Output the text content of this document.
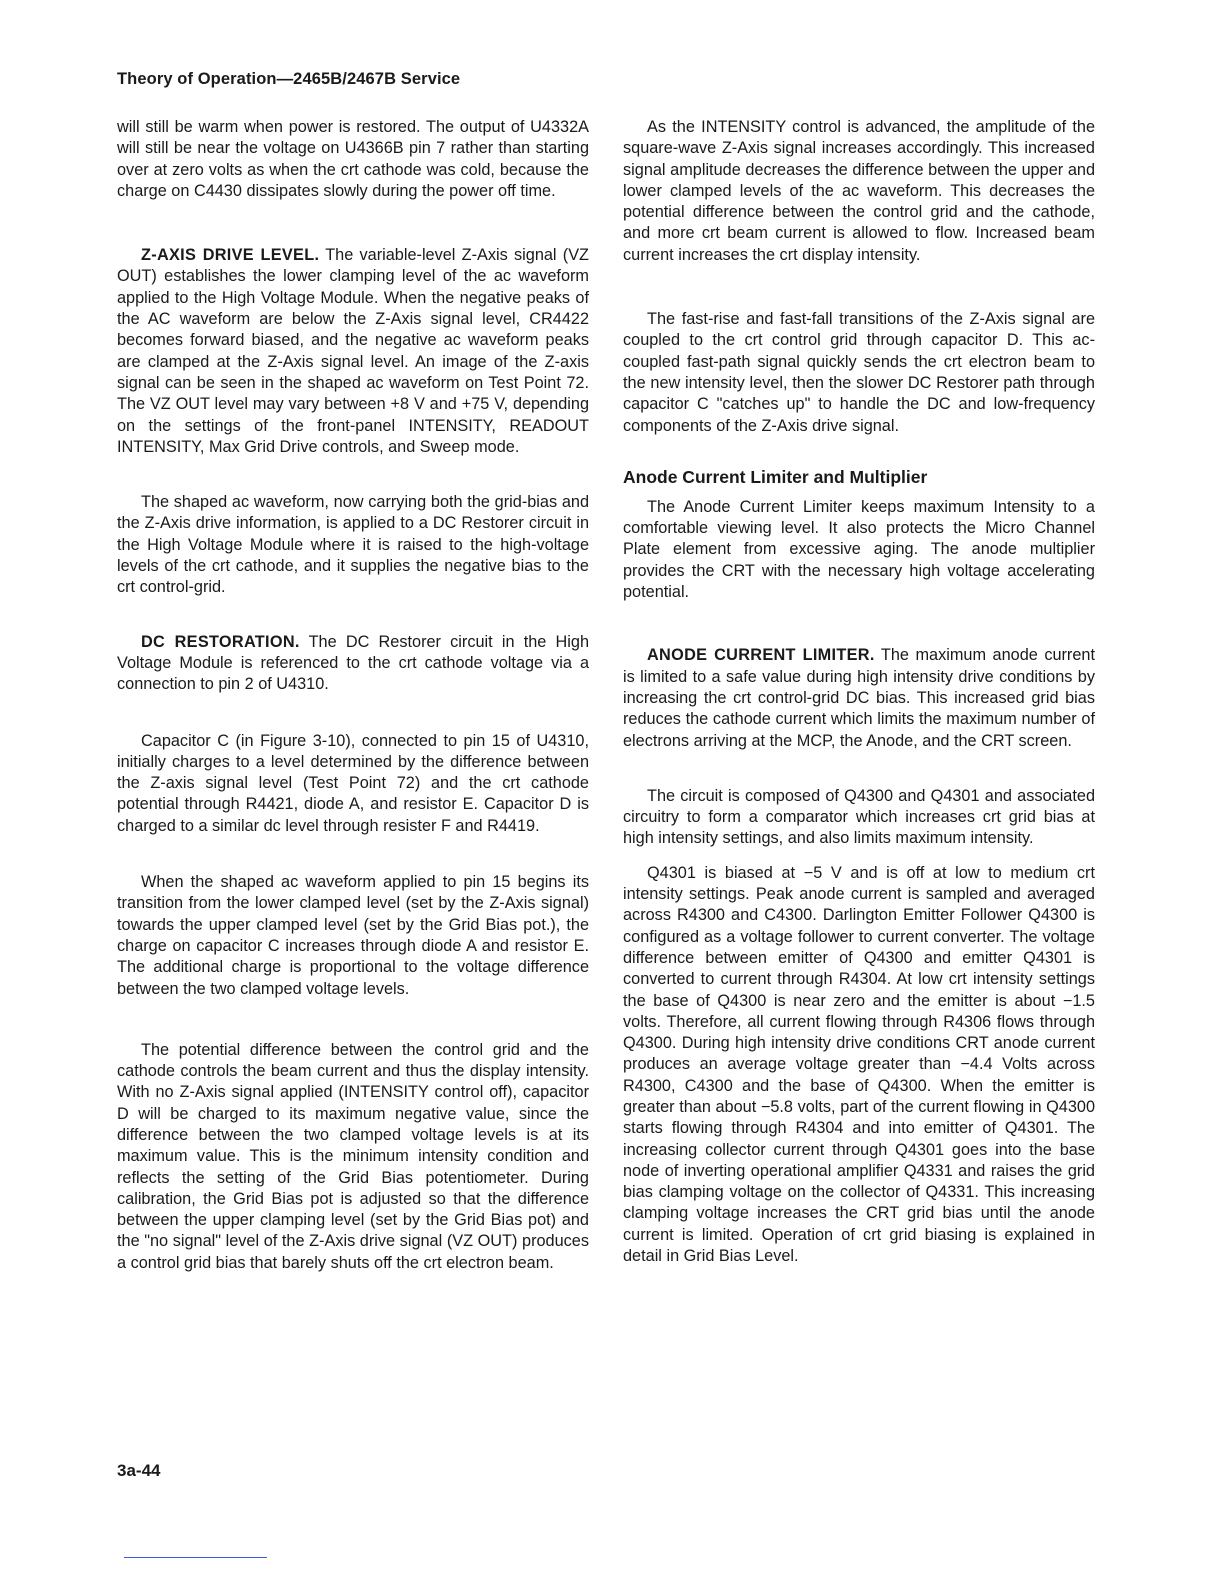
Theory of Operation—2465B/2467B Service

will still be warm when power is restored. The output of U4332A will still be near the voltage on U4366B pin 7 rather than starting over at zero volts as when the crt cathode was cold, because the charge on C4430 dissipates slowly during the power off time.

Z-AXIS DRIVE LEVEL. The variable-level Z-Axis signal (VZ OUT) establishes the lower clamping level of the ac waveform applied to the High Voltage Module. When the negative peaks of the AC waveform are below the Z-Axis signal level, CR4422 becomes forward biased, and the negative ac waveform peaks are clamped at the Z-Axis signal level. An image of the Z-axis signal can be seen in the shaped ac waveform on Test Point 72. The VZ OUT level may vary between +8 V and +75 V, depending on the settings of the front-panel INTENSITY, READOUT INTENSITY, Max Grid Drive controls, and Sweep mode.

The shaped ac waveform, now carrying both the grid-bias and the Z-Axis drive information, is applied to a DC Restorer circuit in the High Voltage Module where it is raised to the high-voltage levels of the crt cathode, and it supplies the negative bias to the crt control-grid.

DC RESTORATION. The DC Restorer circuit in the High Voltage Module is referenced to the crt cathode voltage via a connection to pin 2 of U4310.

Capacitor C (in Figure 3-10), connected to pin 15 of U4310, initially charges to a level determined by the difference between the Z-axis signal level (Test Point 72) and the crt cathode potential through R4421, diode A, and resistor E. Capacitor D is charged to a similar dc level through resister F and R4419.

When the shaped ac waveform applied to pin 15 begins its transition from the lower clamped level (set by the Z-Axis signal) towards the upper clamped level (set by the Grid Bias pot.), the charge on capacitor C increases through diode A and resistor E. The additional charge is proportional to the voltage difference between the two clamped voltage levels.

The potential difference between the control grid and the cathode controls the beam current and thus the display intensity. With no Z-Axis signal applied (INTENSITY control off), capacitor D will be charged to its maximum negative value, since the difference between the two clamped voltage levels is at its maximum value. This is the minimum intensity condition and reflects the setting of the Grid Bias potentiometer. During calibration, the Grid Bias pot is adjusted so that the difference between the upper clamping level (set by the Grid Bias pot) and the "no signal" level of the Z-Axis drive signal (VZ OUT) produces a control grid bias that barely shuts off the crt electron beam.

As the INTENSITY control is advanced, the amplitude of the square-wave Z-Axis signal increases accordingly. This increased signal amplitude decreases the difference between the upper and lower clamped levels of the ac waveform. This decreases the potential difference between the control grid and the cathode, and more crt beam current is allowed to flow. Increased beam current increases the crt display intensity.

The fast-rise and fast-fall transitions of the Z-Axis signal are coupled to the crt control grid through capacitor D. This ac-coupled fast-path signal quickly sends the crt electron beam to the new intensity level, then the slower DC Restorer path through capacitor C "catches up" to handle the DC and low-frequency components of the Z-Axis drive signal.

Anode Current Limiter and Multiplier

The Anode Current Limiter keeps maximum Intensity to a comfortable viewing level. It also protects the Micro Channel Plate element from excessive aging. The anode multiplier provides the CRT with the necessary high voltage accelerating potential.

ANODE CURRENT LIMITER. The maximum anode current is limited to a safe value during high intensity drive conditions by increasing the crt control-grid DC bias. This increased grid bias reduces the cathode current which limits the maximum number of electrons arriving at the MCP, the Anode, and the CRT screen.

The circuit is composed of Q4300 and Q4301 and associated circuitry to form a comparator which increases crt grid bias at high intensity settings, and also limits maximum intensity.

Q4301 is biased at −5 V and is off at low to medium crt intensity settings. Peak anode current is sampled and averaged across R4300 and C4300. Darlington Emitter Follower Q4300 is configured as a voltage follower to current converter. The voltage difference between emitter of Q4300 and emitter Q4301 is converted to current through R4304. At low crt intensity settings the base of Q4300 is near zero and the emitter is about −1.5 volts. Therefore, all current flowing through R4306 flows through Q4300. During high intensity drive conditions CRT anode current produces an average voltage greater than −4.4 Volts across R4300, C4300 and the base of Q4300. When the emitter is greater than about −5.8 volts, part of the current flowing in Q4300 starts flowing through R4304 and into emitter of Q4301. The increasing collector current through Q4301 goes into the base node of inverting operational amplifier Q4331 and raises the grid bias clamping voltage on the collector of Q4331. This increasing clamping voltage increases the CRT grid bias until the anode current is limited. Operation of crt grid biasing is explained in detail in Grid Bias Level.

3a-44
